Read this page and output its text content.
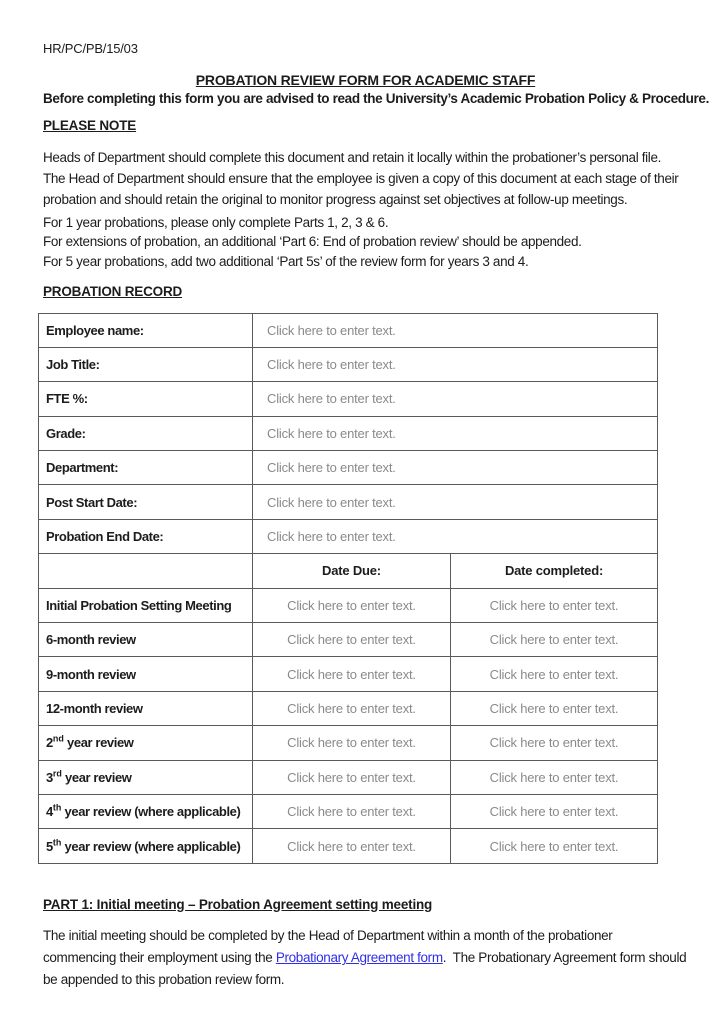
HR/PC/PB/15/03
PROBATION REVIEW FORM FOR ACADEMIC STAFF

Before completing this form you are advised to read the University’s Academic Probation Policy & Procedure.

PLEASE NOTE

Heads of Department should complete this document and retain it locally within the probationer’s personal file.

The Head of Department should ensure that the employee is given a copy of this document at each stage of their probation and should retain the original to monitor progress against set objectives at follow-up meetings.

For 1 year probations, please only complete Parts 1, 2, 3 & 6.
For extensions of probation, an additional ‘Part 6: End of probation review’ should be appended.
For 5 year probations, add two additional ‘Part 5s’ of the review form for years 3 and 4.

PROBATION RECORD

Employee name:	Click here to enter text.	
Job Title:	Click here to enter text.	
FTE %:	Click here to enter text.	
Grade:	Click here to enter text.	
Department:	Click here to enter text.	
Post Start Date:	Click here to enter text.	
Probation End Date:	Click here to enter text.	
	Date Due:	Date completed:
Initial Probation Setting Meeting	Click here to enter text.	Click here to enter text.
6-month review	Click here to enter text.	Click here to enter text.
9-month review	Click here to enter text.	Click here to enter text.
12-month review	Click here to enter text.	Click here to enter text.
2nd year review	Click here to enter text.	Click here to enter text.
3rd year review	Click here to enter text.	Click here to enter text.
4th year review (where applicable)	Click here to enter text.	Click here to enter text.
5th year review (where applicable)	Click here to enter text.	Click here to enter text.

PART 1: Initial meeting – Probation Agreement setting meeting

The initial meeting should be completed by the Head of Department within a month of the probationer commencing their employment using the Probationary Agreement form.  The Probationary Agreement form should be appended to this probation review form.
